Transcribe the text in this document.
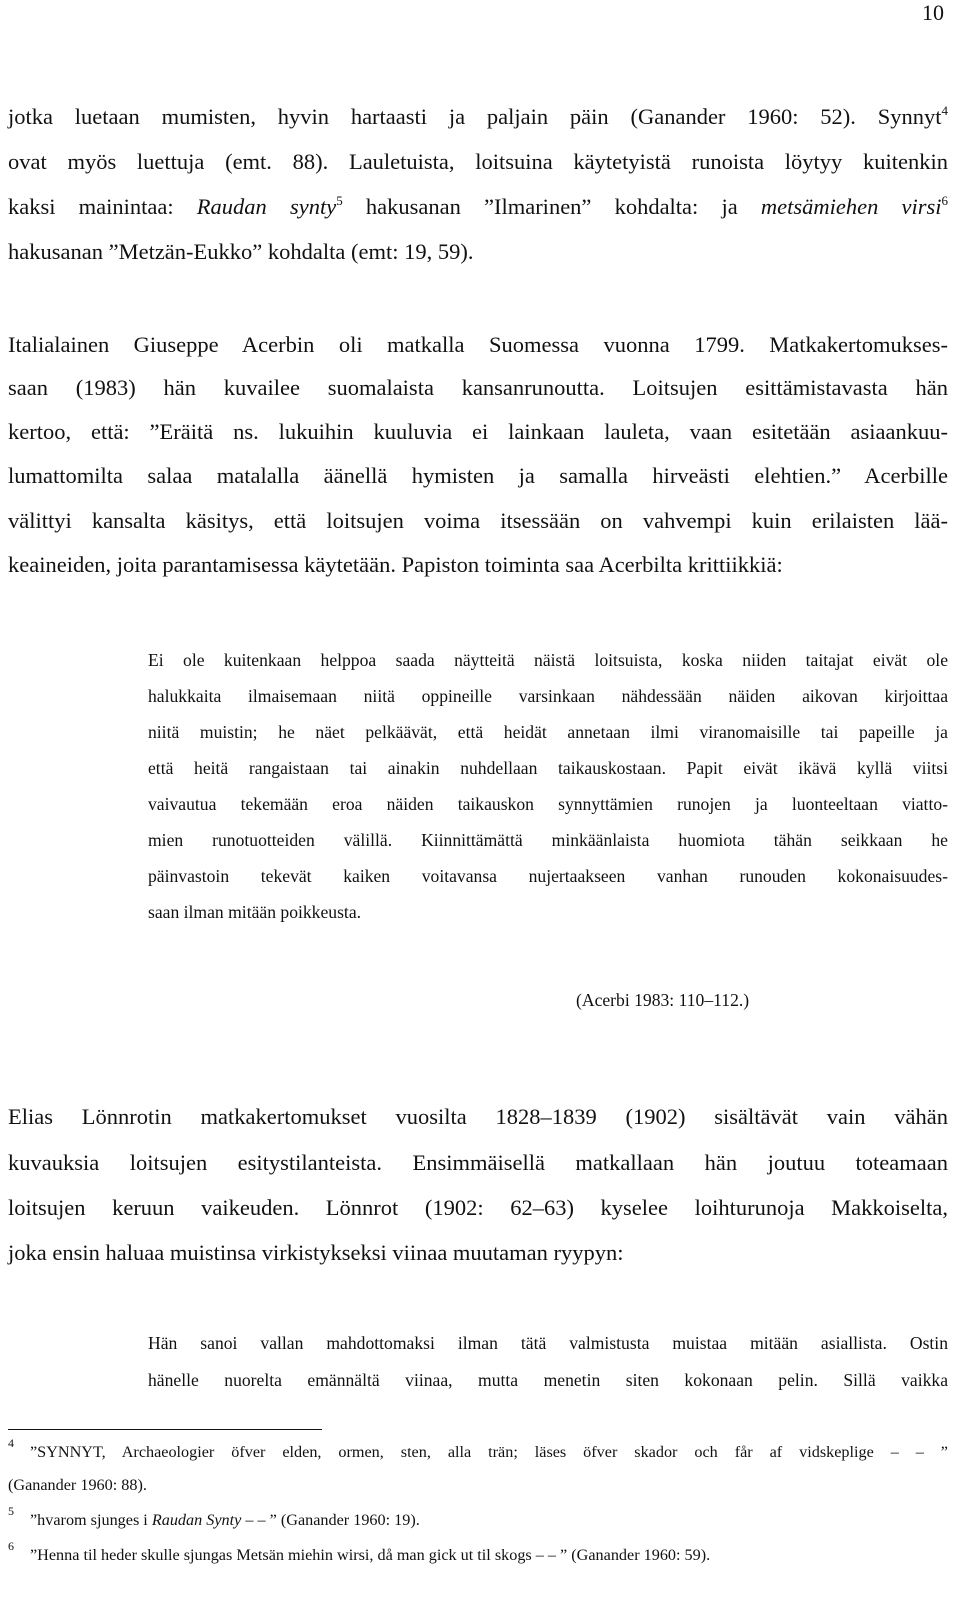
10
jotka luetaan mumisten, hyvin hartaasti ja paljain päin (Ganander 1960: 52). Synnyt$^4$
ovat myös luettuja (emt. 88). Lauletuista, loitsuina käytetyistä runoista löytyy kuitenkin
kaksi mainintaa: Raudan synty$^5$ hakusanan ”Ilmarinen” kohdalta: ja metsämiehen virsi$^6$
hakusanan ”Metzän-Eukko” kohdalta (emt: 19, 59).
Italialainen Giuseppe Acerbin oli matkalla Suomessa vuonna 1799. Matkakertomukses-
saan (1983) hän kuvailee suomalaista kansanrunoutta. Loitsujen esittämistavasta hän
kertoo, että: ”Eräitä ns. lukuihin kuuluvia ei lainkaan lauleta, vaan esitetään asiaankuu-
lumattomilta salaa matalalla äänellä hymisten ja samalla hirveästi elehtien.” Acerbille
välittyi kansalta käsitys, että loitsujen voima itsessään on vahvempi kuin erilaisten lää-
keaineiden, joita parantamisessa käytetään. Papiston toiminta saa Acerbilta krittiikkiä:
Ei ole kuitenkaan helppoa saada näytteitä näistä loitsuista, koska niiden taitajat eivät ole
halukkaita ilmaisemaan niitä oppineille varsinkaan nähdessään näiden aikovan kirjoittaa
niitä muistin; he näet pelkäävät, että heidät annetaan ilmi viranomaisille tai papeille ja
että heitä rangaistaan tai ainakin nuhdellaan taikauskostaan. Papit eivät ikävä kyllä viitsi
vaivautua tekemään eroa näiden taikauskon synnyttämien runojen ja luonteeltaan viatto-
mien runotuotteiden välillä. Kiinnittämättä minkäänlaista huomiota tähän seikkaan he
päinvastoin tekevät kaiken voitavansa nujertaakseen vanhan runouden kokonaisuudes-
saan ilman mitään poikkeusta.
(Acerbi 1983: 110–112.)
Elias Lönnrotin matkakertomukset vuosilta 1828–1839 (1902) sisältävät vain vähän
kuvauksia loitsujen esitystilanteista. Ensimmäisellä matkallaan hän joutuu toteamaan
loitsujen keruun vaikeuden. Lönnrot (1902: 62–63) kyselee loihturunoja Makkoiselta,
joka ensin haluaa muistinsa virkistykseksi viinaa muutaman ryypyn:
Hän sanoi vallan mahdottomaksi ilman tätä valmistusta muistaa mitään asiallista. Ostin
hänelle nuorelta emännältä viinaa, mutta menetin siten kokonaan pelin. Sillä vaikka
4 ”SYNNYT, Archaeologier öfver elden, ormen, sten, alla trän; läses öfver skador och får af vidskeplige – – ”
(Ganander 1960: 88).
5 ”hvarom sjunges i Raudan Synty – – ” (Ganander 1960: 19).
6 ”Henna til heder skulle sjungas Metsän miehin wirsi, då man gick ut til skogs – – ” (Ganander 1960: 59).
